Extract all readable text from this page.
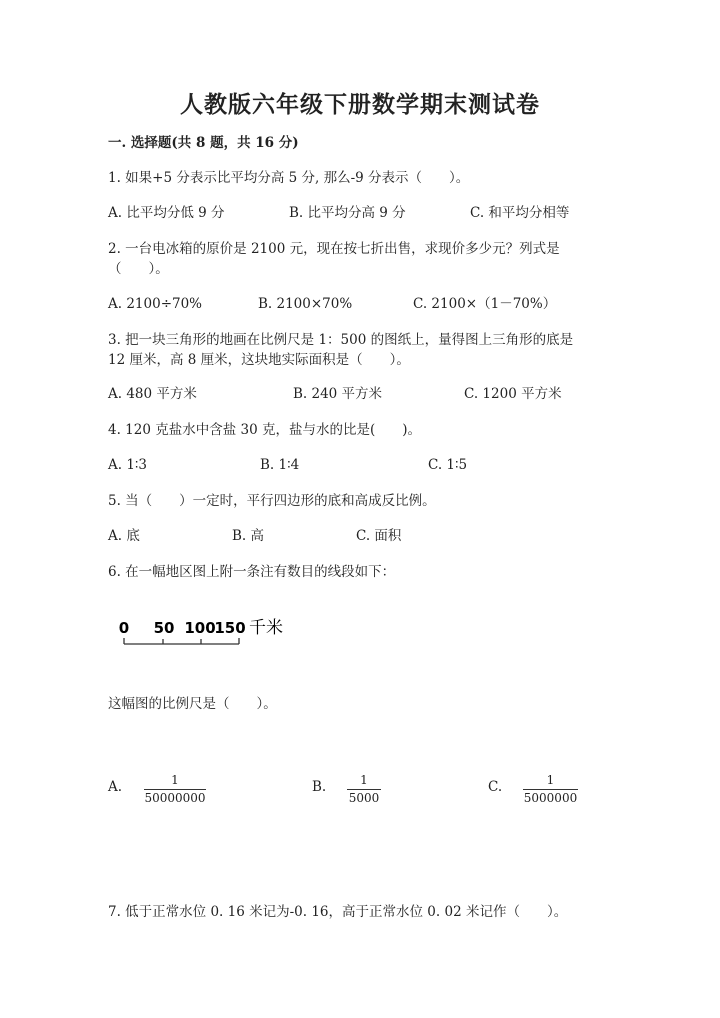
人教版六年级下册数学期末测试卷
一. 选择题(共 8 题，共 16 分)
1. 如果+5 分表示比平均分高 5 分, 那么-9 分表示（　　）。
A. 比平均分低 9 分	B. 比平均分高 9 分	C. 和平均分相等
2. 一台电冰箱的原价是 2100 元，现在按七折出售，求现价多少元？列式是
（　　）。
A. 2100÷70%	B. 2100×70%	C. 2100×（1－70%）
3. 把一块三角形的地画在比例尺是 1：500 的图纸上，量得图上三角形的底是
12 厘米，高 8 厘米，这块地实际面积是（　　）。
A. 480 平方米	B. 240 平方米	C. 1200 平方米
4. 120 克盐水中含盐 30 克，盐与水的比是(　　)。
A. 1∶3	B. 1∶4	C. 1∶5
5. 当（　　）一定时，平行四边形的底和高成反比例。
A. 底	B. 高	C. 面积
6. 在一幅地区图上附一条注有数目的线段如下：
0 50 100
150 千米
这幅图的比例尺是（　　）。
A.	1
50000000
B.	1
5000
C.	1
5000000
7. 低于正常水位 0. 16 米记为-0. 16，高于正常水位 0. 02 米记作（　　）。
